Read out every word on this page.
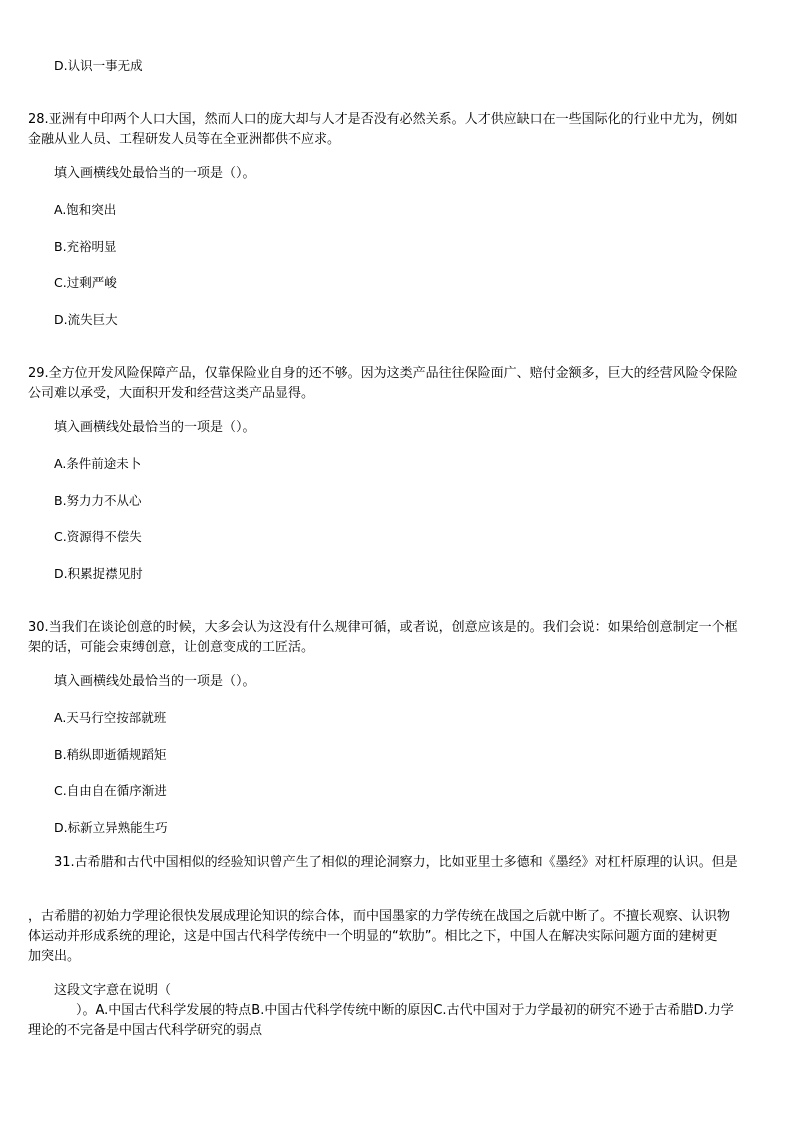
D.认识一事无成
28.亚洲有中印两个人口大国，然而人口的庞大却与人才是否没有必然关系。人才供应缺口在一些国际化的行业中尤为，例如
金融从业人员、工程研发人员等在全亚洲都供不应求。
填入画横线处最恰当的一项是（）。
A.饱和突出
B.充裕明显
C.过剩严峻
D.流失巨大
29.全方位开发风险保障产品，仅靠保险业自身的还不够。因为这类产品往往保险面广、赔付金额多，巨大的经营风险令保险
公司难以承受，大面积开发和经营这类产品显得。
填入画横线处最恰当的一项是（）。
A.条件前途未卜
B.努力力不从心
C.资源得不偿失
D.积累捉襟见肘
30.当我们在谈论创意的时候，大多会认为这没有什么规律可循，或者说，创意应该是的。我们会说：如果给创意制定一个框
架的话，可能会束缚创意，让创意变成的工匠活。
填入画横线处最恰当的一项是（）。
A.天马行空按部就班
B.稍纵即逝循规蹈矩
C.自由自在循序渐进
D.标新立异熟能生巧
31.古希腊和古代中国相似的经验知识曾产生了相似的理论洞察力，比如亚里士多德和《墨经》对杠杆原理的认识。但是
，古希腊的初始力学理论很快发展成理论知识的综合体，而中国墨家的力学传统在战国之后就中断了。不擅长观察、认识物
体运动并形成系统的理论，这是中国古代科学传统中一个明显的“软肋”。相比之下，中国人在解决实际问题方面的建树更
加突出。
这段文字意在说明（
）。A.中国古代科学发展的特点B.中国古代科学传统中断的原因C.古代中国对于力学最初的研究不逊于古希腊D.力学
理论的不完备是中国古代科学研究的弱点
